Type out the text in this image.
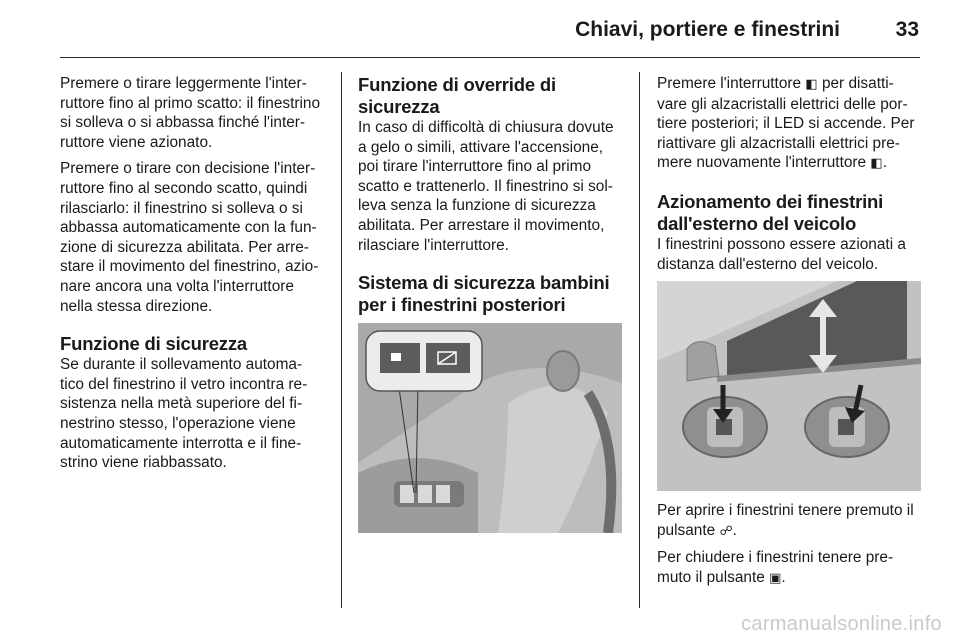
Chiavi, portiere e finestrini	33

Premere o tirare leggermente l'inter-ruttore fino al primo scatto: il finestrino si solleva o si abbassa finché l'inter-ruttore viene azionato.

Premere o tirare con decisione l'inter-ruttore fino al secondo scatto, quindi rilasciarlo: il finestrino si solleva o si abbassa automaticamente con la fun-zione di sicurezza abilitata. Per arre-stare il movimento del finestrino, azio-nare ancora una volta l'interruttore nella stessa direzione.

Funzione di sicurezza

Se durante il sollevamento automa-tico del finestrino il vetro incontra re-sistenza nella metà superiore del fi-nestrino stesso, l'operazione viene automaticamente interrotta e il fine-strino viene riabbassato.

Funzione di override di sicurezza

In caso di difficoltà di chiusura dovute a gelo o simili, attivare l'accensione, poi tirare l'interruttore fino al primo scatto e trattenerlo. Il finestrino si sol-leva senza la funzione di sicurezza abilitata. Per arrestare il movimento, rilasciare l'interruttore.

Sistema di sicurezza bambini per i finestrini posteriori

Premere l'interruttore ◧ per disatti-vare gli alzacristalli elettrici delle por-tiere posteriori; il LED si accende. Per riattivare gli alzacristalli elettrici pre-mere nuovamente l'interruttore ◧.

Azionamento dei finestrini dall'esterno del veicolo

I finestrini possono essere azionati a distanza dall'esterno del veicolo.

Per aprire i finestrini tenere premuto il pulsante ☍.

Per chiudere i finestrini tenere pre-muto il pulsante ▣.

carmanualsonline.info
